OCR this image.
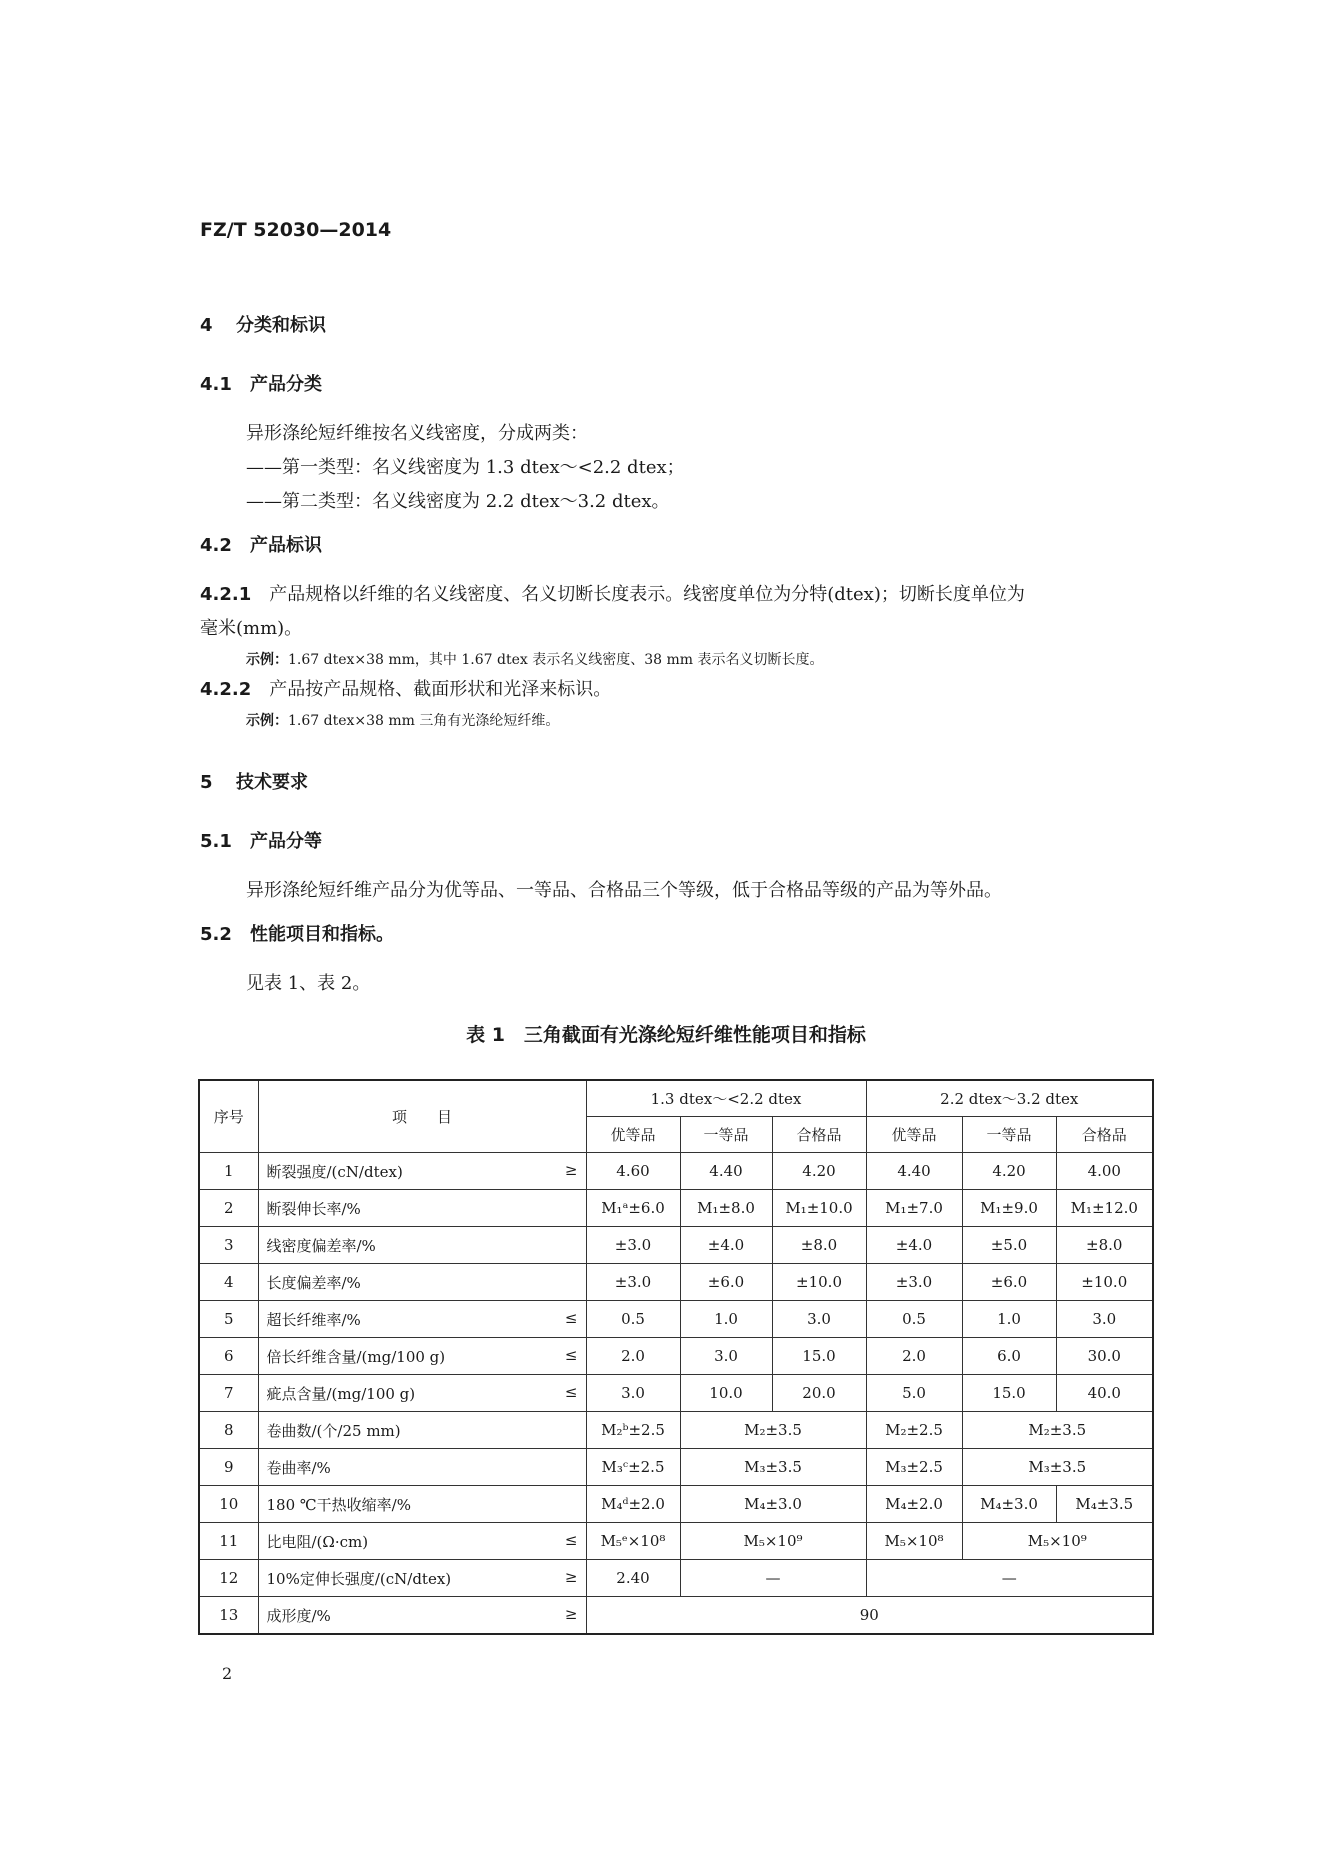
FZ/T 52030—2014
4 分类和标识
4.1 产品分类
异形涤纶短纤维按名义线密度，分成两类：
——第一类型：名义线密度为 1.3 dtex～<2.2 dtex；
——第二类型：名义线密度为 2.2 dtex～3.2 dtex。
4.2 产品标识
4.2.1　 产品规格以纤维的名义线密度、名义切断长度表示。线密度单位为分特(dtex)；切断长度单位为
毫米(mm)。
示例：1.67 dtex×38 mm，其中 1.67 dtex 表示名义线密度、38 mm 表示名义切断长度。
4.2.2　 产品按产品规格、截面形状和光泽来标识。
示例：1.67 dtex×38 mm 三角有光涤纶短纤维。
5 技术要求
5.1 产品分等
异形涤纶短纤维产品分为优等品、一等品、合格品三个等级，低于合格品等级的产品为等外品。
5.2 性能项目和指标。
见表 1、表 2。
表 1　三角截面有光涤纶短纤维性能项目和指标
序号	项　　目	1.3 dtex～<2.2 dtex			2.2 dtex～3.2 dtex		
		优等品	一等品	合格品	优等品	一等品	合格品
1	断裂强度/(cN/dtex) ≥	4.60	4.40	4.20	4.40	4.20	4.00
2	断裂伸长率/%	M₁ᵃ±6.0	M₁±8.0	M₁±10.0	M₁±7.0	M₁±9.0	M₁±12.0
3	线密度偏差率/%	±3.0	±4.0	±8.0	±4.0	±5.0	±8.0
4	长度偏差率/%	±3.0	±6.0	±10.0	±3.0	±6.0	±10.0
5	超长纤维率/% ≤	0.5	1.0	3.0	0.5	1.0	3.0
6	倍长纤维含量/(mg/100 g) ≤	2.0	3.0	15.0	2.0	6.0	30.0
7	疵点含量/(mg/100 g) ≤	3.0	10.0	20.0	5.0	15.0	40.0
8	卷曲数/(个/25 mm)	M₂ᵇ±2.5	M₂±3.5		M₂±2.5	M₂±3.5	
9	卷曲率/%	M₃ᶜ±2.5	M₃±3.5		M₃±2.5	M₃±3.5	
10	180 ℃干热收缩率/%	M₄ᵈ±2.0	M₄±3.0		M₄±2.0	M₄±3.0	M₄±3.5
11	比电阻/(Ω·cm) ≤	M₅ᵉ×10⁸	M₅×10⁹		M₅×10⁸	M₅×10⁹	
12	10%定伸长强度/(cN/dtex) ≥	2.40	—		—		
13	成形度/% ≥	90					
2
